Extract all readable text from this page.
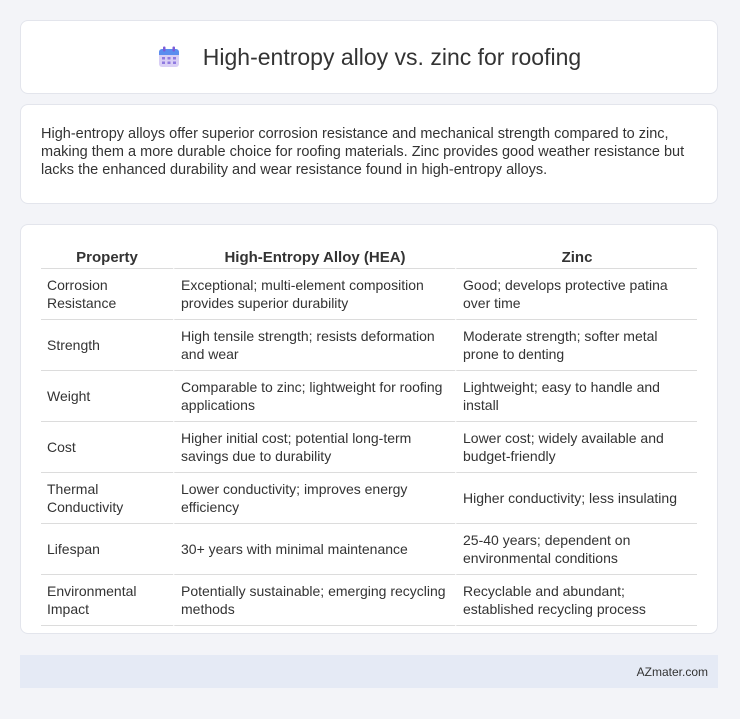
High-entropy alloy vs. zinc for roofing

High-entropy alloys offer superior corrosion resistance and mechanical strength compared to zinc, making them a more durable choice for roofing materials. Zinc provides good weather resistance but lacks the enhanced durability and wear resistance found in high-entropy alloys.

Property	High-Entropy Alloy (HEA)	Zinc
Corrosion Resistance	Exceptional; multi-element composition provides superior durability	Good; develops protective patina over time
Strength	High tensile strength; resists deformation and wear	Moderate strength; softer metal prone to denting
Weight	Comparable to zinc; lightweight for roofing applications	Lightweight; easy to handle and install
Cost	Higher initial cost; potential long-term savings due to durability	Lower cost; widely available and budget-friendly
Thermal Conductivity	Lower conductivity; improves energy efficiency	Higher conductivity; less insulating
Lifespan	30+ years with minimal maintenance	25-40 years; dependent on environmental conditions
Environmental Impact	Potentially sustainable; emerging recycling methods	Recyclable and abundant; established recycling process
AZmater.com
